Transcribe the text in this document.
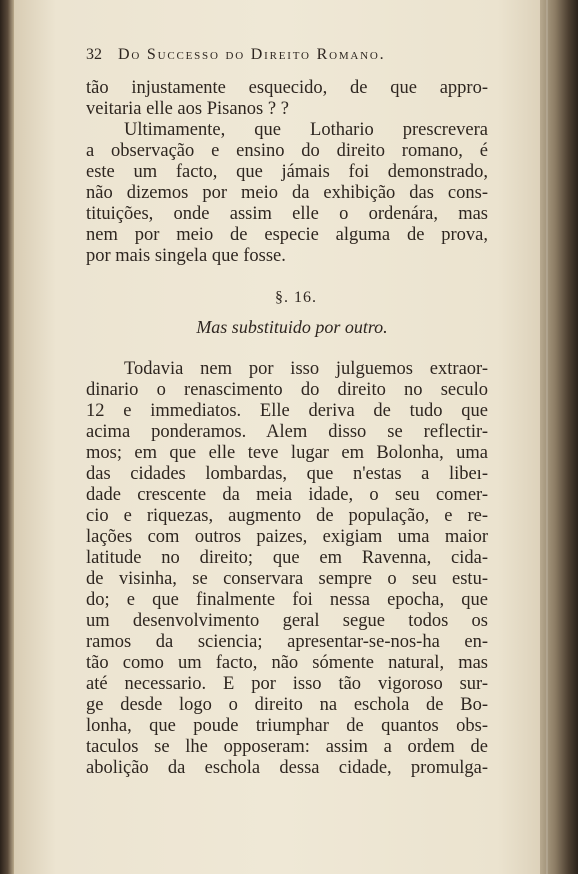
32 Do Successo do Direito Romano.
tão injustamente esquecido, de que appro-
veitaria elle aos Pisanos ? ?
Ultimamente, que Lothario prescrevera
a observação e ensino do direito romano, é
este um facto, que jámais foi demonstrado,
não dizemos por meio da exhibição das cons-
tituições, onde assim elle o ordenára, mas
nem por meio de especie alguma de prova,
por mais singela que fosse.
§. 16.
Mas substituido por outro.
Todavia nem por isso julguemos extraor-
dinario o renascimento do direito no seculo
12 e immediatos. Elle deriva de tudo que
acima ponderamos. Alem disso se reflectir-
mos; em que elle teve lugar em Bolonha, uma
das cidades lombardas, que n'estas a libeı-
dade crescente da meia idade, o seu comer-
cio e riquezas, augmento de população, e re-
lações com outros paizes, exigiam uma maior
latitude no direito; que em Ravenna, cida-
de visinha, se conservara sempre o seu estu-
do; e que finalmente foi nessa epocha, que
um desenvolvimento geral segue todos os
ramos da sciencia; apresentar-se-nos-ha en-
tão como um facto, não sómente natural, mas
até necessario. E por isso tão vigoroso sur-
ge desde logo o direito na escholа de Bo-
lonha, que poude triumphar de quantos obs-
taculos se lhe opposeram: assim a ordem de
abolição da eschola dessa cidade, promulga-
